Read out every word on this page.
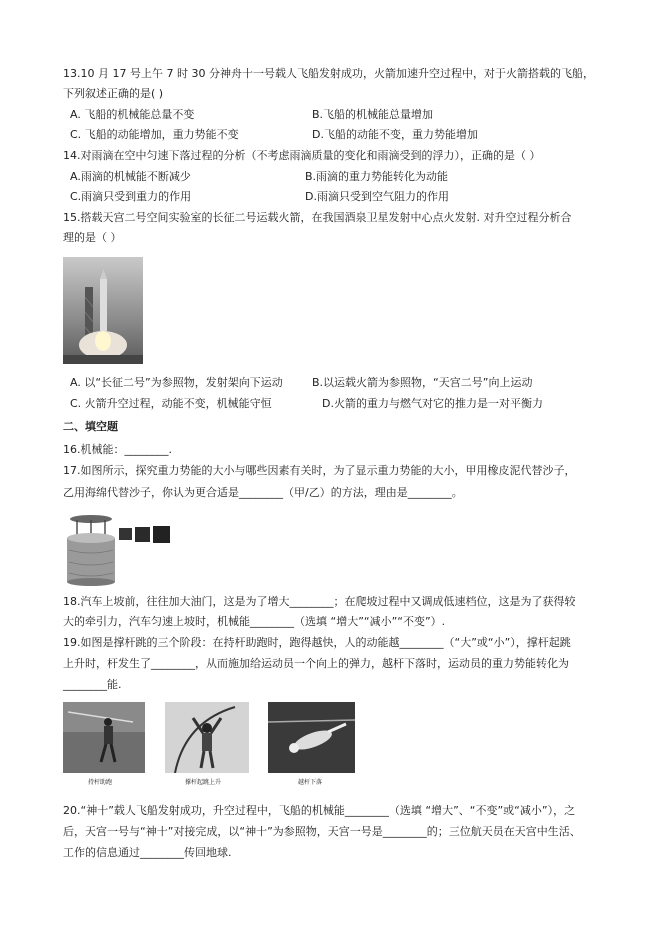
13.10 月 17 号上午 7 时 30 分神舟十一号载人飞船发射成功，火箭加速升空过程中，对于火箭搭载的飞船，
下列叙述正确的是( )
A. 飞船的机械能总量不变	B.飞船的机械能总量增加
C. 飞船的动能增加，重力势能不变	D.飞船的动能不变，重力势能增加
14.对雨滴在空中匀速下落过程的分析（不考虑雨滴质量的变化和雨滴受到的浮力），正确的是（ ）
A.雨滴的机械能不断减少	B.雨滴的重力势能转化为动能
C.雨滴只受到重力的作用	D.雨滴只受到空气阻力的作用
15.搭载天宫二号空间实验室的长征二号运载火箭，在我国酒泉卫星发射中心点火发射. 对升空过程分析合
理的是（ ）
A. 以“长征二号”为参照物，发射架向下运动	B.以运载火箭为参照物，“天宫二号”向上运动
C. 火箭升空过程，动能不变，机械能守恒	D.火箭的重力与燃气对它的推力是一对平衡力
二、填空题
16.机械能：________.
17.如图所示，探究重力势能的大小与哪些因素有关时，为了显示重力势能的大小，甲用橡皮泥代替沙子，
乙用海绵代替沙子，你认为更合适是________（甲/乙）的方法，理由是________。
18.汽车上坡前，往往加大油门，这是为了增大________；在爬坡过程中又调成低速档位，这是为了获得较
大的牵引力，汽车匀速上坡时，机械能________（选填 “增大”“减小”“不变”）.
19.如图是撑杆跳的三个阶段：在持杆助跑时，跑得越快，人的动能越________（“大”或“小”），撑杆起跳
上升时，杆发生了________，从而施加给运动员一个向上的弹力，越杆下落时，运动员的重力势能转化为
________能.
持杆助跑	撑杆起跳上升	越杆下落
20.“神十”载人飞船发射成功，升空过程中，飞船的机械能________（选填 “增大”、“不变”或“减小”），之
后，天宫一号与“神十”对接完成，以“神十”为参照物，天宫一号是________的；三位航天员在天宫中生活、
工作的信息通过________传回地球.
